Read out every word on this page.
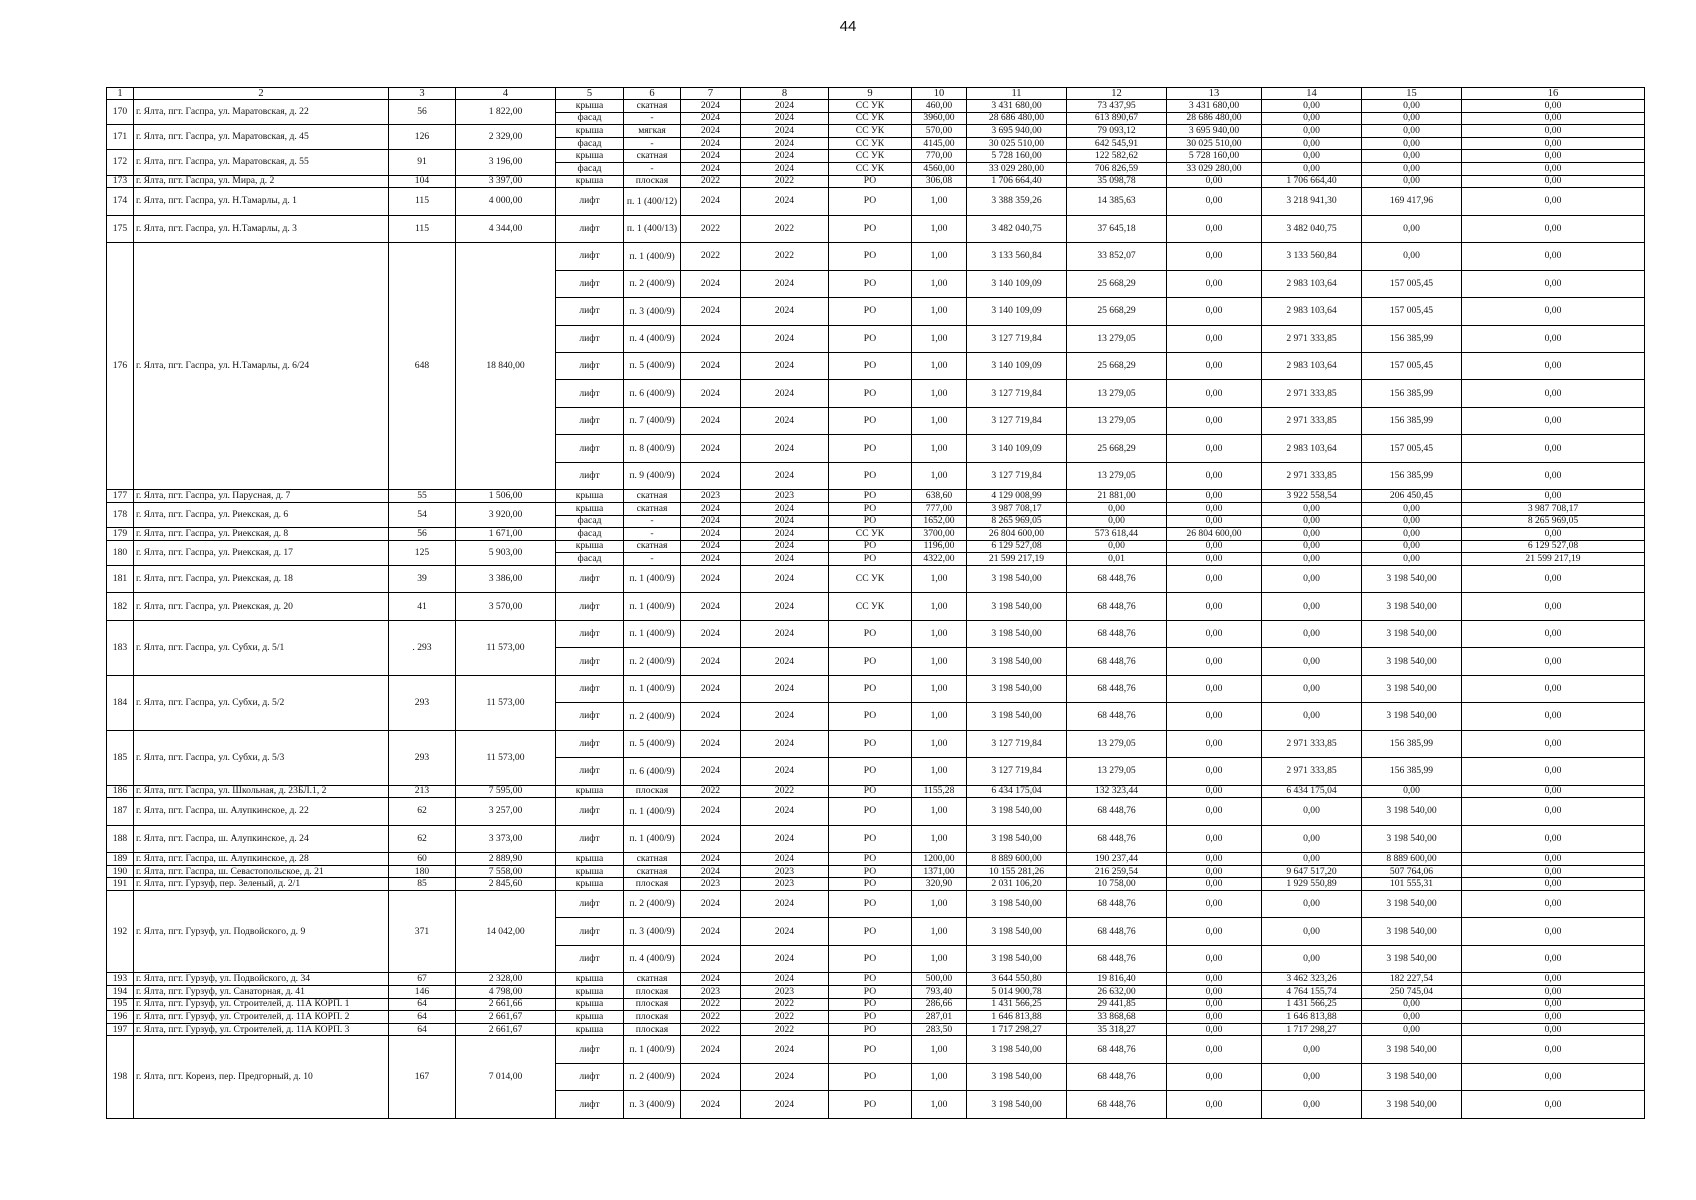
44
1	2	3	4	5	6	7	8	9	10	11	12	13	14	15	16
170	г. Ялта, пгт. Гаспра, ул. Маратовская, д. 22	56	1 822,00	крыша	скатная	2024	2024	СС УК	460,00	3 431 680,00	73 437,95	3 431 680,00	0,00	0,00	0,00
				фасад	-	2024	2024	СС УК	3960,00	28 686 480,00	613 890,67	28 686 480,00	0,00	0,00	0,00
171	г. Ялта, пгт. Гаспра, ул. Маратовская, д. 45	126	2 329,00	крыша	мягкая	2024	2024	СС УК	570,00	3 695 940,00	79 093,12	3 695 940,00	0,00	0,00	0,00
				фасад	-	2024	2024	СС УК	4145,00	30 025 510,00	642 545,91	30 025 510,00	0,00	0,00	0,00
172	г. Ялта, пгт. Гаспра, ул. Маратовская, д. 55	91	3 196,00	крыша	скатная	2024	2024	СС УК	770,00	5 728 160,00	122 582,62	5 728 160,00	0,00	0,00	0,00
				фасад	-	2024	2024	СС УК	4560,00	33 029 280,00	706 826,59	33 029 280,00	0,00	0,00	0,00
173	г. Ялта, пгт. Гаспра, ул. Мира, д. 2	104	3 397,00	крыша	плоская	2022	2022	РО	306,08	1 706 664,40	35 098,78	0,00	1 706 664,40	0,00	0,00
174	г. Ялта, пгт. Гаспра, ул. Н.Тамарлы, д. 1	115	4 000,00	лифт	п. 1 (400/12)	2024	2024	РО	1,00	3 388 359,26	14 385,63	0,00	3 218 941,30	169 417,96	0,00
175	г. Ялта, пгт. Гаспра, ул. Н.Тамарлы, д. 3	115	4 344,00	лифт	п. 1 (400/13)	2022	2022	РО	1,00	3 482 040,75	37 645,18	0,00	3 482 040,75	0,00	0,00
176	г. Ялта, пгт. Гаспра, ул. Н.Тамарлы, д. 6/24	648	18 840,00	лифт	п. 1 (400/9)	2022	2022	РО	1,00	3 133 560,84	33 852,07	0,00	3 133 560,84	0,00	0,00
				лифт	п. 2 (400/9)	2024	2024	РО	1,00	3 140 109,09	25 668,29	0,00	2 983 103,64	157 005,45	0,00
				лифт	п. 3 (400/9)	2024	2024	РО	1,00	3 140 109,09	25 668,29	0,00	2 983 103,64	157 005,45	0,00
				лифт	п. 4 (400/9)	2024	2024	РО	1,00	3 127 719,84	13 279,05	0,00	2 971 333,85	156 385,99	0,00
				лифт	п. 5 (400/9)	2024	2024	РО	1,00	3 140 109,09	25 668,29	0,00	2 983 103,64	157 005,45	0,00
				лифт	п. 6 (400/9)	2024	2024	РО	1,00	3 127 719,84	13 279,05	0,00	2 971 333,85	156 385,99	0,00
				лифт	п. 7 (400/9)	2024	2024	РО	1,00	3 127 719,84	13 279,05	0,00	2 971 333,85	156 385,99	0,00
				лифт	п. 8 (400/9)	2024	2024	РО	1,00	3 140 109,09	25 668,29	0,00	2 983 103,64	157 005,45	0,00
				лифт	п. 9 (400/9)	2024	2024	РО	1,00	3 127 719,84	13 279,05	0,00	2 971 333,85	156 385,99	0,00
177	г. Ялта, пгт. Гаспра, ул. Парусная, д. 7	55	1 506,00	крыша	скатная	2023	2023	РО	638,60	4 129 008,99	21 881,00	0,00	3 922 558,54	206 450,45	0,00
178	г. Ялта, пгт. Гаспра, ул. Риекская, д. 6	54	3 920,00	крыша	скатная	2024	2024	РО	777,00	3 987 708,17	0,00	0,00	0,00	0,00	3 987 708,17
				фасад	-	2024	2024	РО	1652,00	8 265 969,05	0,00	0,00	0,00	0,00	8 265 969,05
179	г. Ялта, пгт. Гаспра, ул. Риекская, д. 8	56	1 671,00	фасад	-	2024	2024	СС УК	3700,00	26 804 600,00	573 618,44	26 804 600,00	0,00	0,00	0,00
180	г. Ялта, пгт. Гаспра, ул. Риекская, д. 17	125	5 903,00	крыша	скатная	2024	2024	РО	1196,00	6 129 527,08	0,00	0,00	0,00	0,00	6 129 527,08
				фасад	-	2024	2024	РО	4322,00	21 599 217,19	0,01	0,00	0,00	0,00	21 599 217,19
181	г. Ялта, пгт. Гаспра, ул. Риекская, д. 18	39	3 386,00	лифт	п. 1 (400/9)	2024	2024	СС УК	1,00	3 198 540,00	68 448,76	0,00	0,00	3 198 540,00	0,00
182	г. Ялта, пгт. Гаспра, ул. Риекская, д. 20	41	3 570,00	лифт	п. 1 (400/9)	2024	2024	СС УК	1,00	3 198 540,00	68 448,76	0,00	0,00	3 198 540,00	0,00
183	г. Ялта, пгт. Гаспра, ул. Субхи, д. 5/1	. 293	11 573,00	лифт	п. 1 (400/9)	2024	2024	РО	1,00	3 198 540,00	68 448,76	0,00	0,00	3 198 540,00	0,00
				лифт	п. 2 (400/9)	2024	2024	РО	1,00	3 198 540,00	68 448,76	0,00	0,00	3 198 540,00	0,00
184	г. Ялта, пгт. Гаспра, ул. Субхи, д. 5/2	293	11 573,00	лифт	п. 1 (400/9)	2024	2024	РО	1,00	3 198 540,00	68 448,76	0,00	0,00	3 198 540,00	0,00
				лифт	п. 2 (400/9)	2024	2024	РО	1,00	3 198 540,00	68 448,76	0,00	0,00	3 198 540,00	0,00
185	г. Ялта, пгт. Гаспра, ул. Субхи, д. 5/3	293	11 573,00	лифт	п. 5 (400/9)	2024	2024	РО	1,00	3 127 719,84	13 279,05	0,00	2 971 333,85	156 385,99	0,00
				лифт	п. 6 (400/9)	2024	2024	РО	1,00	3 127 719,84	13 279,05	0,00	2 971 333,85	156 385,99	0,00
186	г. Ялта, пгт. Гаспра, ул. Школьная, д. 23БЛ.1, 2	213	7 595,00	крыша	плоская	2022	2022	РО	1155,28	6 434 175,04	132 323,44	0,00	6 434 175,04	0,00	0,00
187	г. Ялта, пгт. Гаспра, ш. Алупкинское, д. 22	62	3 257,00	лифт	п. 1 (400/9)	2024	2024	РО	1,00	3 198 540,00	68 448,76	0,00	0,00	3 198 540,00	0,00
188	г. Ялта, пгт. Гаспра, ш. Алупкинское, д. 24	62	3 373,00	лифт	п. 1 (400/9)	2024	2024	РО	1,00	3 198 540,00	68 448,76	0,00	0,00	3 198 540,00	0,00
189	г. Ялта, пгт. Гаспра, ш. Алупкинское, д. 28	60	2 889,90	крыша	скатная	2024	2024	РО	1200,00	8 889 600,00	190 237,44	0,00	0,00	8 889 600,00	0,00
190	г. Ялта, пгт. Гаспра, ш. Севастопольское, д. 21	180	7 558,00	крыша	скатная	2024	2023	РО	1371,00	10 155 281,26	216 259,54	0,00	9 647 517,20	507 764,06	0,00
191	г. Ялта, пгт. Гурзуф, пер. Зеленый, д. 2/1	85	2 845,60	крыша	плоская	2023	2023	РО	320,90	2 031 106,20	10 758,00	0,00	1 929 550,89	101 555,31	0,00
192	г. Ялта, пгт. Гурзуф, ул. Подвойского, д. 9	371	14 042,00	лифт	п. 2 (400/9)	2024	2024	РО	1,00	3 198 540,00	68 448,76	0,00	0,00	3 198 540,00	0,00
				лифт	п. 3 (400/9)	2024	2024	РО	1,00	3 198 540,00	68 448,76	0,00	0,00	3 198 540,00	0,00
				лифт	п. 4 (400/9)	2024	2024	РО	1,00	3 198 540,00	68 448,76	0,00	0,00	3 198 540,00	0,00
193	г. Ялта, пгт. Гурзуф, ул. Подвойского, д. 34	67	2 328,00	крыша	скатная	2024	2024	РО	500,00	3 644 550,80	19 816,40	0,00	3 462 323,26	182 227,54	0,00
194	г. Ялта, пгт. Гурзуф, ул. Санаторная, д. 41	146	4 798,00	крыша	плоская	2023	2023	РО	793,40	5 014 900,78	26 632,00	0,00	4 764 155,74	250 745,04	0,00
195	г. Ялта, пгт. Гурзуф, ул. Строителей, д. 11А КОРП. 1	64	2 661,66	крыша	плоская	2022	2022	РО	286,66	1 431 566,25	29 441,85	0,00	1 431 566,25	0,00	0,00
196	г. Ялта, пгт. Гурзуф, ул. Строителей, д. 11А КОРП. 2	64	2 661,67	крыша	плоская	2022	2022	РО	287,01	1 646 813,88	33 868,68	0,00	1 646 813,88	0,00	0,00
197	г. Ялта, пгт. Гурзуф, ул. Строителей, д. 11А КОРП. 3	64	2 661,67	крыша	плоская	2022	2022	РО	283,50	1 717 298,27	35 318,27	0,00	1 717 298,27	0,00	0,00
198	г. Ялта, пгт. Кореиз, пер. Предгорный, д. 10	167	7 014,00	лифт	п. 1 (400/9)	2024	2024	РО	1,00	3 198 540,00	68 448,76	0,00	0,00	3 198 540,00	0,00
				лифт	п. 2 (400/9)	2024	2024	РО	1,00	3 198 540,00	68 448,76	0,00	0,00	3 198 540,00	0,00
				лифт	п. 3 (400/9)	2024	2024	РО	1,00	3 198 540,00	68 448,76	0,00	0,00	3 198 540,00	0,00
